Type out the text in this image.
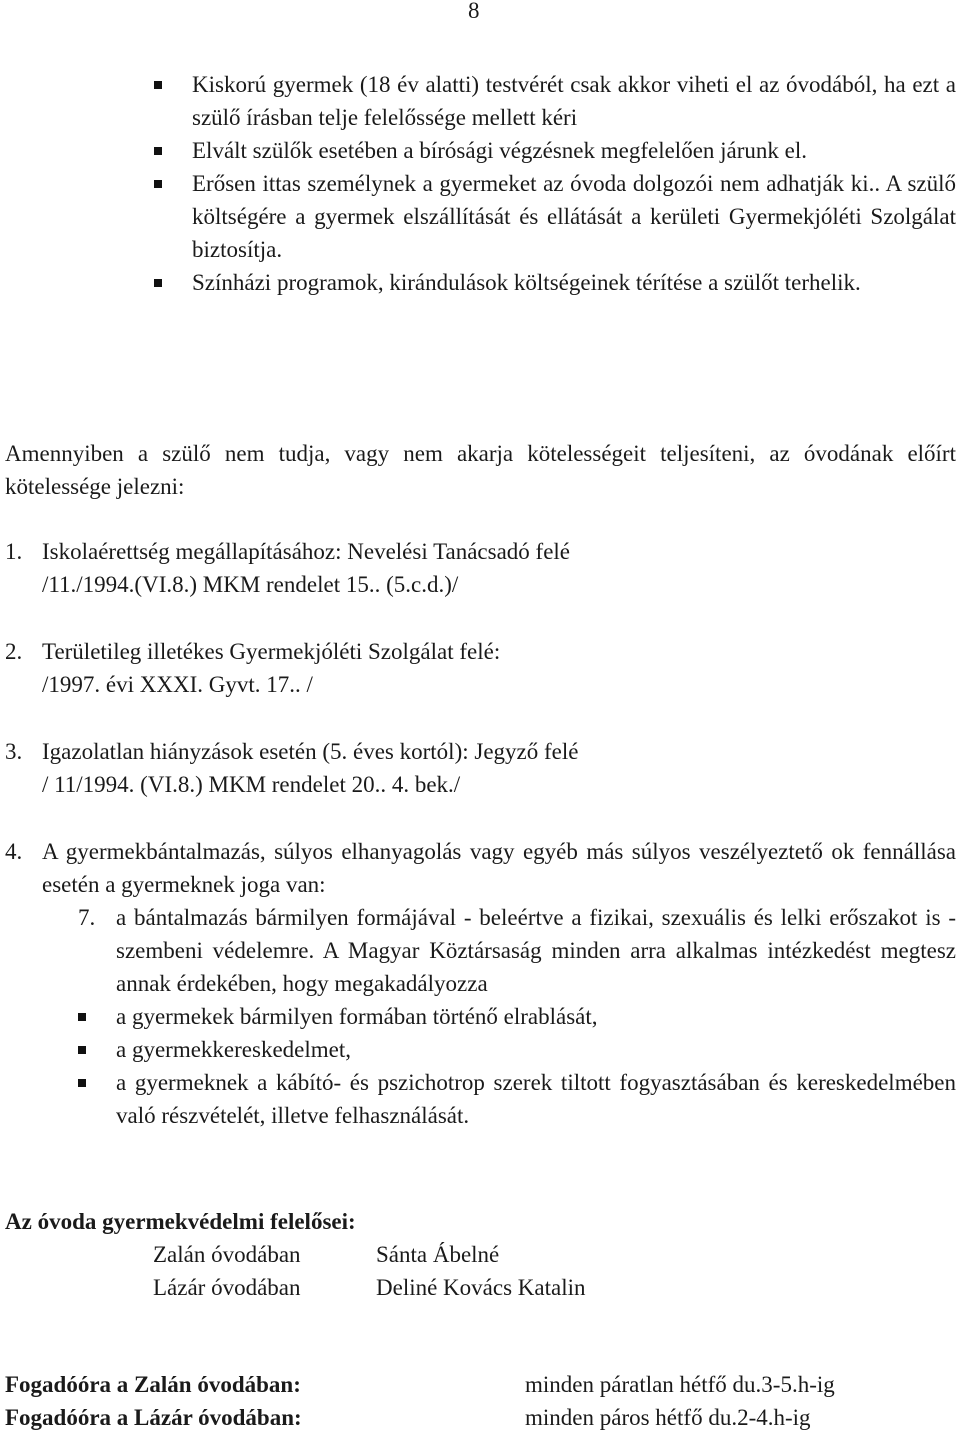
8

Kiskorú gyermek (18 év alatti) testvérét csak akkor viheti el az óvodából, ha ezt a szülő írásban telje felelőssége mellett kéri

Elvált szülők esetében a bírósági végzésnek megfelelően járunk el.

Erősen ittas személynek a gyermeket az óvoda dolgozói nem adhatják ki.. A szülő költségére a gyermek elszállítását és ellátását a kerületi Gyermekjóléti Szolgálat biztosítja.

Színházi programok, kirándulások költségeinek térítése a szülőt terhelik.

Amennyiben a szülő nem tudja, vagy nem akarja kötelességeit teljesíteni, az óvodának előírt kötelessége jelezni:

1. Iskolaérettség megállapításához: Nevelési Tanácsadó felé
/11./1994.(VI.8.) MKM rendelet 15.. (5.c.d.)/
2. Területileg illetékes Gyermekjóléti Szolgálat felé:
/1997. évi XXXI. Gyvt. 17.. /
3. Igazolatlan hiányzások esetén (5. éves kortól): Jegyző felé
/ 11/1994. (VI.8.) MKM rendelet 20.. 4. bek./
4. A gyermekbántalmazás, súlyos elhanyagolás vagy egyéb más súlyos veszélyeztető ok fennállása esetén a gyermeknek joga van:
7. a bántalmazás bármilyen formájával - beleértve a fizikai, szexuális és lelki erőszakot is - szembeni védelemre. A Magyar Köztársaság minden arra alkalmas intézkedést megtesz annak érdekében, hogy megakadályozza

a gyermekek bármilyen formában történő elrablását,

a gyermekkereskedelmet,

a gyermeknek a kábító- és pszichotrop szerek tiltott fogyasztásában és kereskedelmében való részvételét, illetve felhasználását.

Az óvoda gyermekvédelmi felelősei:
Zalán óvodában	Sánta Ábelné
Lázár óvodában	Deliné Kovács Katalin
Fogadóóra a Zalán óvodában:	minden páratlan hétfő du.3-5.h-ig
Fogadóóra a Lázár óvodában:	minden páros hétfő du.2-4.h-ig
